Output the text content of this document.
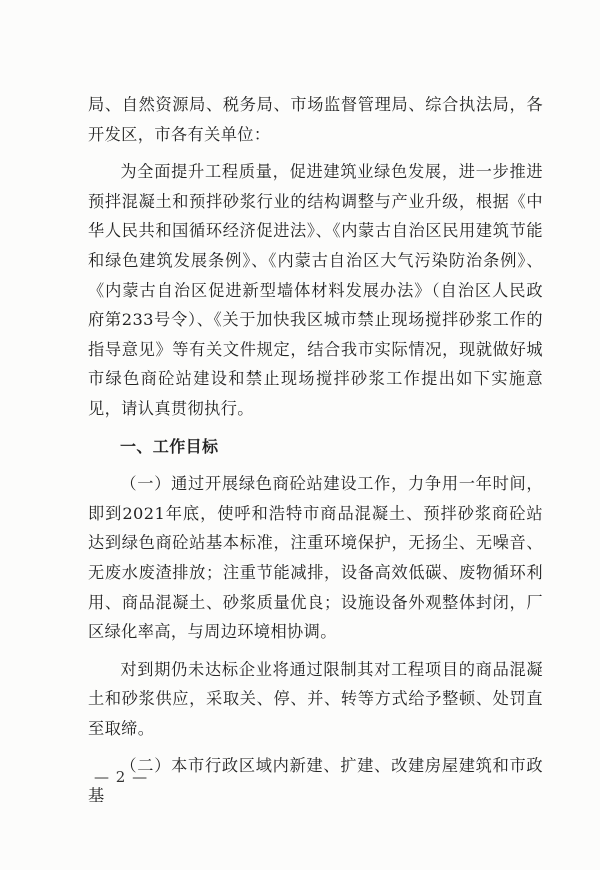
局、自然资源局、税务局、市场监督管理局、综合执法局，各开发区，市各有关单位：

为全面提升工程质量，促进建筑业绿色发展，进一步推进预拌混凝土和预拌砂浆行业的结构调整与产业升级，根据《中华人民共和国循环经济促进法》、《内蒙古自治区民用建筑节能和绿色建筑发展条例》、《内蒙古自治区大气污染防治条例》、《内蒙古自治区促进新型墙体材料发展办法》（自治区人民政府第233号令）、《关于加快我区城市禁止现场搅拌砂浆工作的指导意见》等有关文件规定，结合我市实际情况，现就做好城市绿色商砼站建设和禁止现场搅拌砂浆工作提出如下实施意见，请认真贯彻执行。

一、工作目标

（一）通过开展绿色商砼站建设工作，力争用一年时间，即到2021年底，使呼和浩特市商品混凝土、预拌砂浆商砼站达到绿色商砼站基本标准，注重环境保护，无扬尘、无噪音、无废水废渣排放；注重节能减排，设备高效低碳、废物循环利用、商品混凝土、砂浆质量优良；设施设备外观整体封闭，厂区绿化率高，与周边环境相协调。

对到期仍未达标企业将通过限制其对工程项目的商品混凝土和砂浆供应，采取关、停、并、转等方式给予整顿、处罚直至取缔。

（二）本市行政区域内新建、扩建、改建房屋建筑和市政基

— 2 —
